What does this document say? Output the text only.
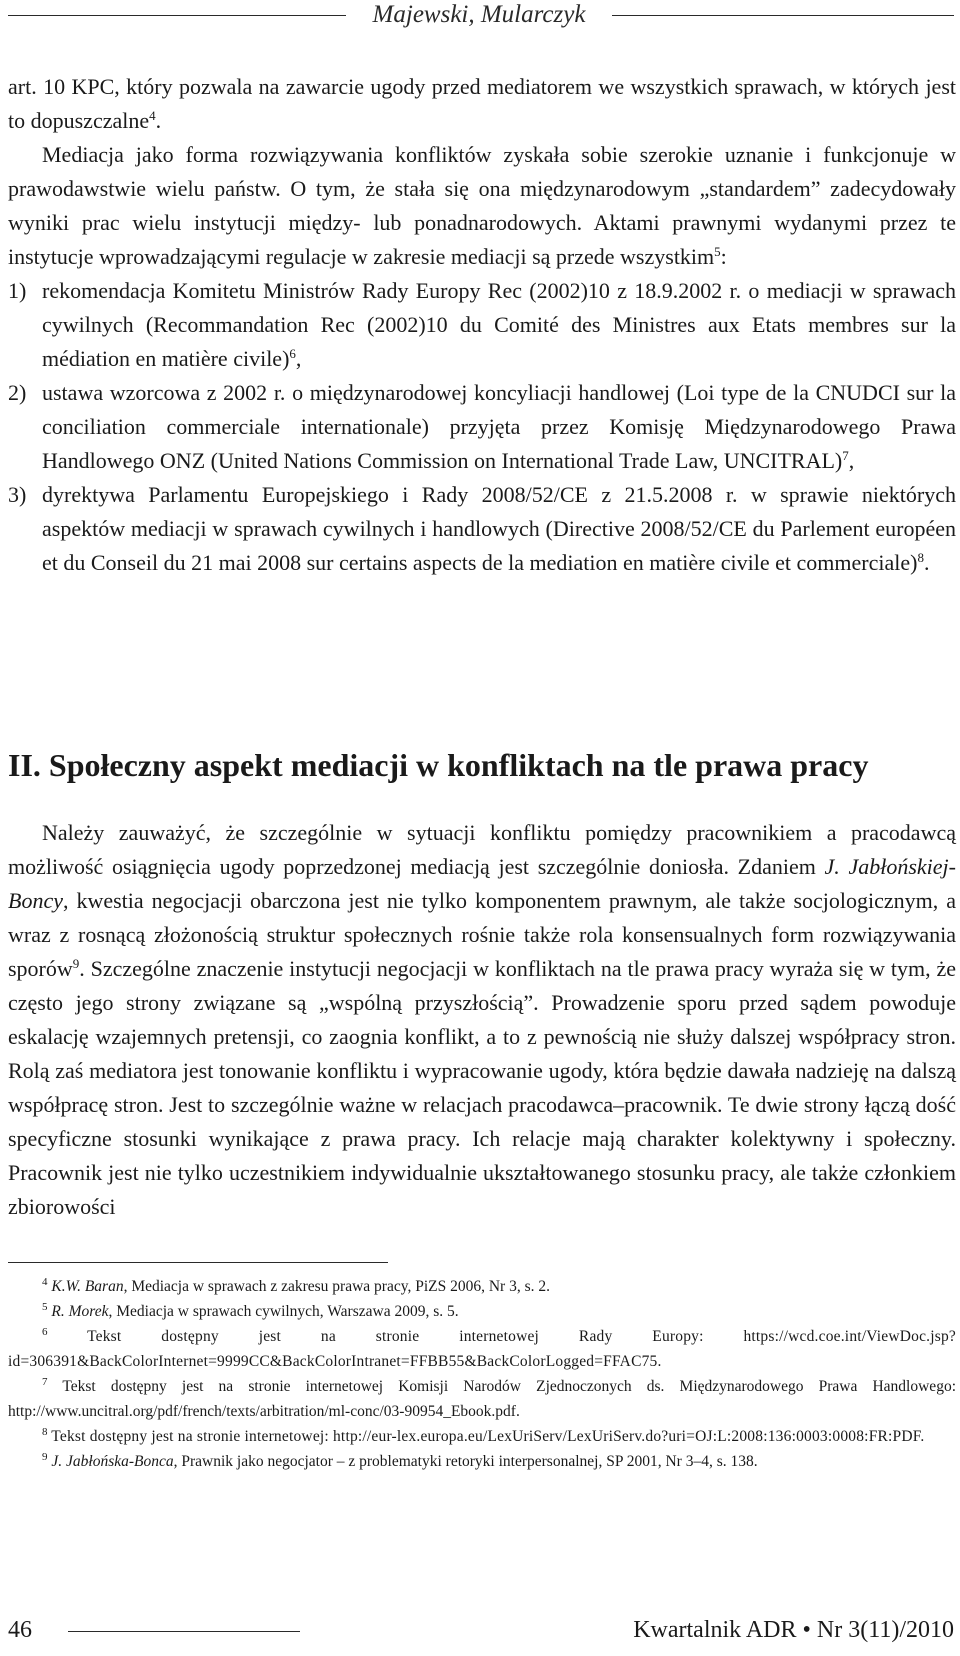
Majewski, Mularczyk

art. 10 KPC, który pozwala na zawarcie ugody przed mediatorem we wszystkich sprawach, w których jest to dopuszczalne$^4$.

Mediacja jako forma rozwiązywania konfliktów zyskała sobie szerokie uznanie i funkcjonuje w prawodawstwie wielu państw. O tym, że stała się ona międzynarodowym „standardem” zadecydowały wyniki prac wielu instytucji między- lub ponadnarodowych. Aktami prawnymi wydanymi przez te instytucje wprowadzającymi regulacje w zakresie mediacji są przede wszystkim$^5$:

1) rekomendacja Komitetu Ministrów Rady Europy Rec (2002)10 z 18.9.2002 r. o mediacji w sprawach cywilnych (Recommandation Rec (2002)10 du Comité des Ministres aux Etats membres sur la médiation en matière civile)$^6$,
2) ustawa wzorcowa z 2002 r. o międzynarodowej koncyliacji handlowej (Loi type de la CNUDCI sur la conciliation commerciale internationale) przyjęta przez Komisję Międzynarodowego Prawa Handlowego ONZ (United Nations Commission on International Trade Law, UNCITRAL)$^7$,
3) dyrektywa Parlamentu Europejskiego i Rady 2008/52/CE z 21.5.2008 r. w sprawie niektórych aspektów mediacji w sprawach cywilnych i handlowych (Directive 2008/52/CE du Parlement européen et du Conseil du 21 mai 2008 sur certains aspects de la mediation en matière civile et commerciale)$^8$.
II. Społeczny aspekt mediacji w konfliktach na tle prawa pracy

Należy zauważyć, że szczególnie w sytuacji konfliktu pomiędzy pracownikiem a pracodawcą możliwość osiągnięcia ugody poprzedzonej mediacją jest szczególnie doniosła. Zdaniem J. Jabłońskiej-Boncy, kwestia negocjacji obarczona jest nie tylko komponentem prawnym, ale także socjologicznym, a wraz z rosnącą złożonością struktur społecznych rośnie także rola konsensualnych form rozwiązywania sporów$^9$. Szczególne znaczenie instytucji negocjacji w konfliktach na tle prawa pracy wyraża się w tym, że często jego strony związane są „wspólną przyszłością”. Prowadzenie sporu przed sądem powoduje eskalację wzajemnych pretensji, co zaognia konflikt, a to z pewnością nie służy dalszej współpracy stron. Rolą zaś mediatora jest tonowanie konfliktu i wypracowanie ugody, która będzie dawała nadzieję na dalszą współpracę stron. Jest to szczególnie ważne w relacjach pracodawca–pracownik. Te dwie strony łączą dość specyficzne stosunki wynikające z prawa pracy. Ich relacje mają charakter kolektywny i społeczny. Pracownik jest nie tylko uczestnikiem indywidualnie ukształtowanego stosunku pracy, ale także członkiem zbiorowości

$^4$ K.W. Baran, Mediacja w sprawach z zakresu prawa pracy, PiZS 2006, Nr 3, s. 2.

$^5$ R. Morek, Mediacja w sprawach cywilnych, Warszawa 2009, s. 5.

$^6$ Tekst dostępny jest na stronie internetowej Rady Europy: https://wcd.coe.int/ViewDoc.jsp?id=306391&BackColorInternet=9999CC&BackColorIntranet=FFBB55&BackColorLogged=FFAC75.

$^7$ Tekst dostępny jest na stronie internetowej Komisji Narodów Zjednoczonych ds. Międzynarodowego Prawa Handlowego: http://www.uncitral.org/pdf/french/texts/arbitration/ml-conc/03-90954_Ebook.pdf.

$^8$ Tekst dostępny jest na stronie internetowej: http://eur-lex.europa.eu/LexUriServ/LexUriServ.do?uri=OJ:L:2008:136:0003:0008:FR:PDF.

$^9$ J. Jabłońska-Bonca, Prawnik jako negocjator – z problematyki retoryki interpersonalnej, SP 2001, Nr 3–4, s. 138.

46	Kwartalnik ADR • Nr 3(11)/2010
